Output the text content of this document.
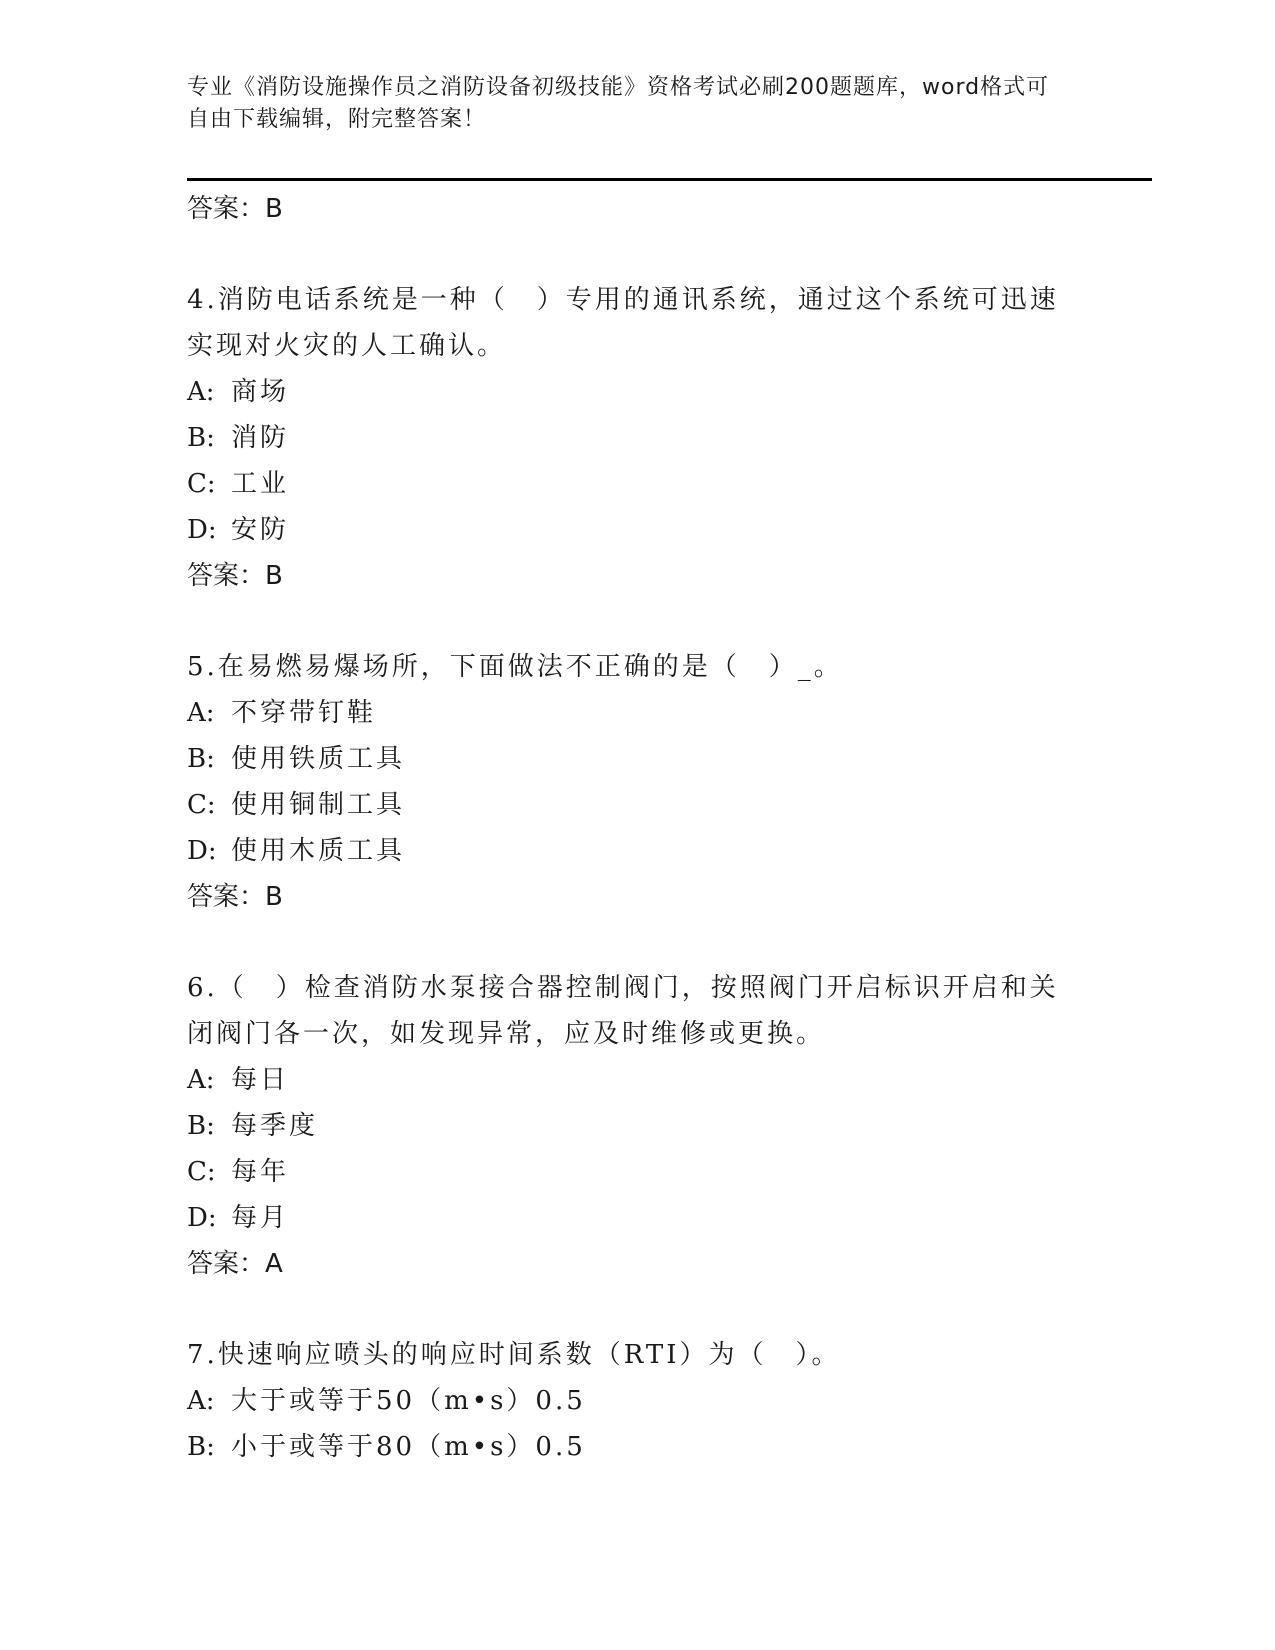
专业《消防设施操作员之消防设备初级技能》资格考试必刷200题题库，word格式可自由下载编辑，附完整答案！

答案：B

4.消防电话系统是一种（　）专用的通讯系统，通过这个系统可迅速实现对火灾的人工确认。

A: 商场

B: 消防

C: 工业

D: 安防

答案：B

5.在易燃易爆场所，下面做法不正确的是（　）_。

A: 不穿带钉鞋

B: 使用铁质工具

C: 使用铜制工具

D: 使用木质工具

答案：B

6.（　）检查消防水泵接合器控制阀门，按照阀门开启标识开启和关闭阀门各一次，如发现异常，应及时维修或更换。

A: 每日

B: 每季度

C: 每年

D: 每月

答案：A

7.快速响应喷头的响应时间系数（RTI）为（　）。

A: 大于或等于50（m•s）0.5

B: 小于或等于80（m•s）0.5
